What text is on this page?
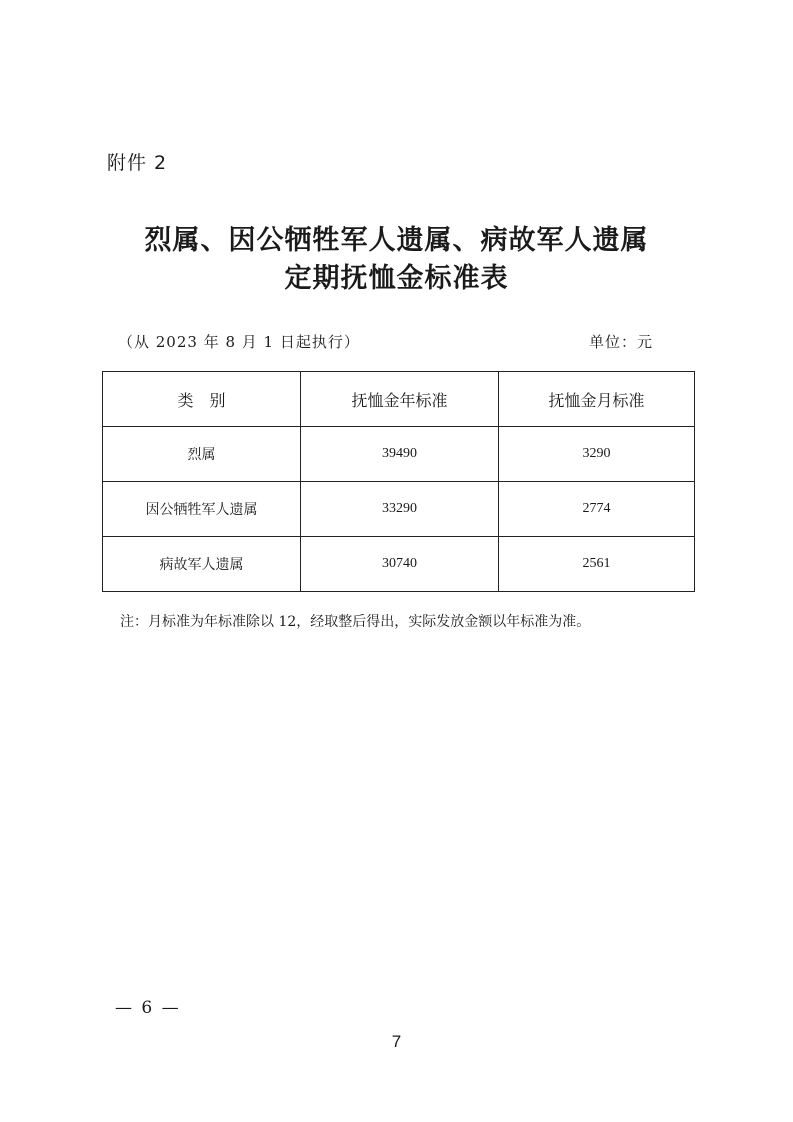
附件 2
烈属、因公牺牲军人遗属、病故军人遗属
定期抚恤金标准表
（从 2023 年 8 月 1 日起执行）	单位：元
类　别	抚恤金年标准	抚恤金月标准
烈属	39490	3290
因公牺牲军人遗属	33290	2774
病故军人遗属	30740	2561
注：月标准为年标准除以 12，经取整后得出，实际发放金额以年标准为准。
— 6 —
7
